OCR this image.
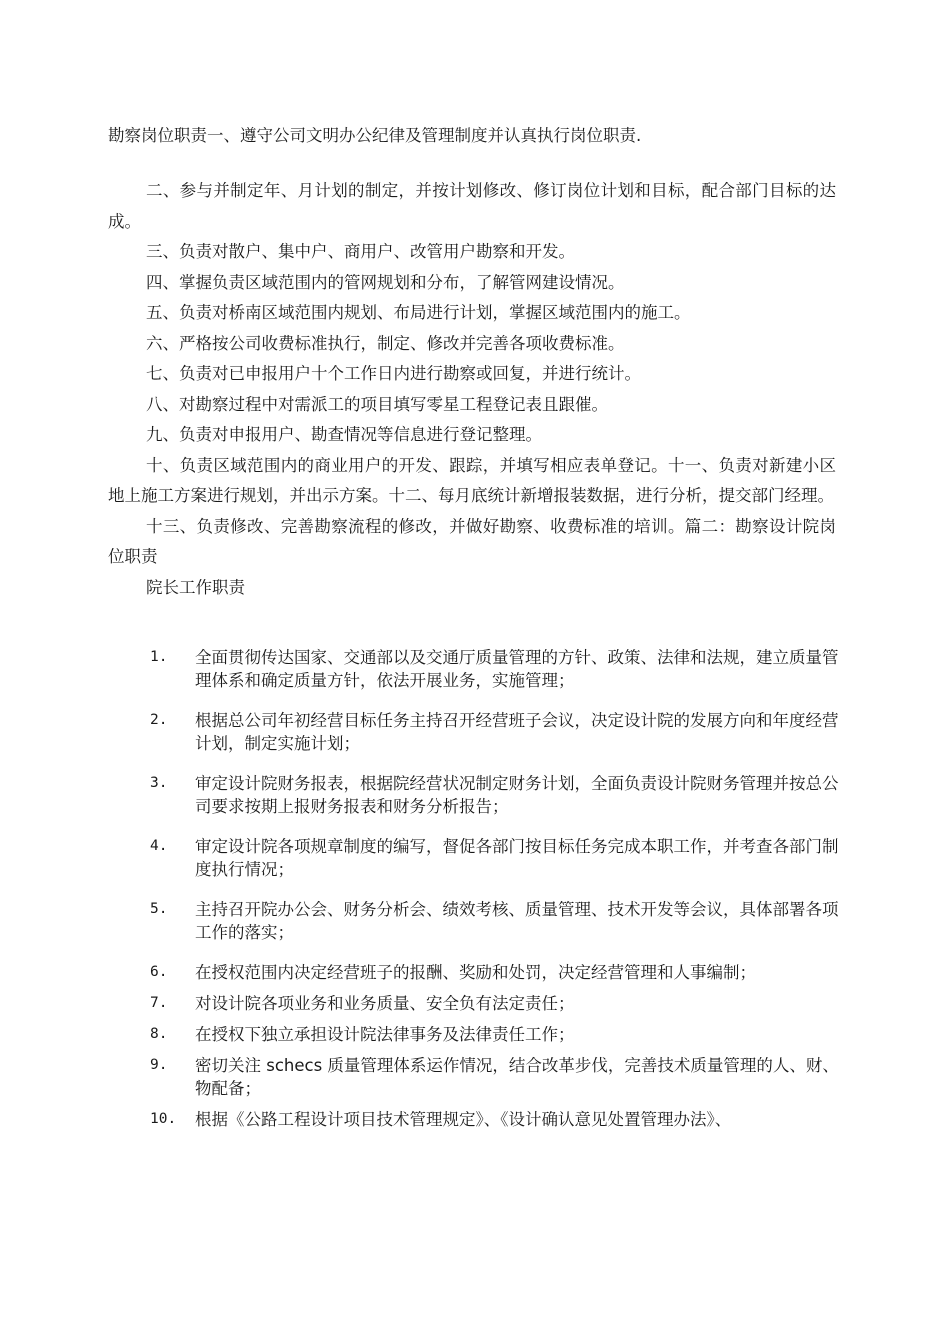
勘察岗位职责一、遵守公司文明办公纪律及管理制度并认真执行岗位职责.

二、参与并制定年、月计划的制定，并按计划修改、修订岗位计划和目标，配合部门目标的达成。

三、负责对散户、集中户、商用户、改管用户勘察和开发。

四、掌握负责区域范围内的管网规划和分布，了解管网建设情况。

五、负责对桥南区域范围内规划、布局进行计划，掌握区域范围内的施工。

六、严格按公司收费标准执行，制定、修改并完善各项收费标准。

七、负责对已申报用户十个工作日内进行勘察或回复，并进行统计。

八、对勘察过程中对需派工的项目填写零星工程登记表且跟催。

九、负责对申报用户、勘查情况等信息进行登记整理。

十、负责区域范围内的商业用户的开发、跟踪，并填写相应表单登记。十一、负责对新建小区地上施工方案进行规划，并出示方案。十二、每月底统计新增报装数据，进行分析，提交部门经理。

十三、负责修改、完善勘察流程的修改，并做好勘察、收费标准的培训。篇二：勘察设计院岗位职责

院长工作职责

1. 全面贯彻传达国家、交通部以及交通厅质量管理的方针、政策、法律和法规，建立质量管理体系和确定质量方针，依法开展业务，实施管理；
2. 根据总公司年初经营目标任务主持召开经营班子会议，决定设计院的发展方向和年度经营计划，制定实施计划；
3. 审定设计院财务报表，根据院经营状况制定财务计划，全面负责设计院财务管理并按总公司要求按期上报财务报表和财务分析报告；
4. 审定设计院各项规章制度的编写，督促各部门按目标任务完成本职工作，并考查各部门制度执行情况；
5. 主持召开院办公会、财务分析会、绩效考核、质量管理、技术开发等会议，具体部署各项工作的落实；
6. 在授权范围内决定经营班子的报酬、奖励和处罚，决定经营管理和人事编制；
7. 对设计院各项业务和业务质量、安全负有法定责任；
8. 在授权下独立承担设计院法律事务及法律责任工作；
9. 密切关注 schecs 质量管理体系运作情况，结合改革步伐，完善技术质量管理的人、财、物配备；
10. 根据《公路工程设计项目技术管理规定》、《设计确认意见处置管理办法》、
